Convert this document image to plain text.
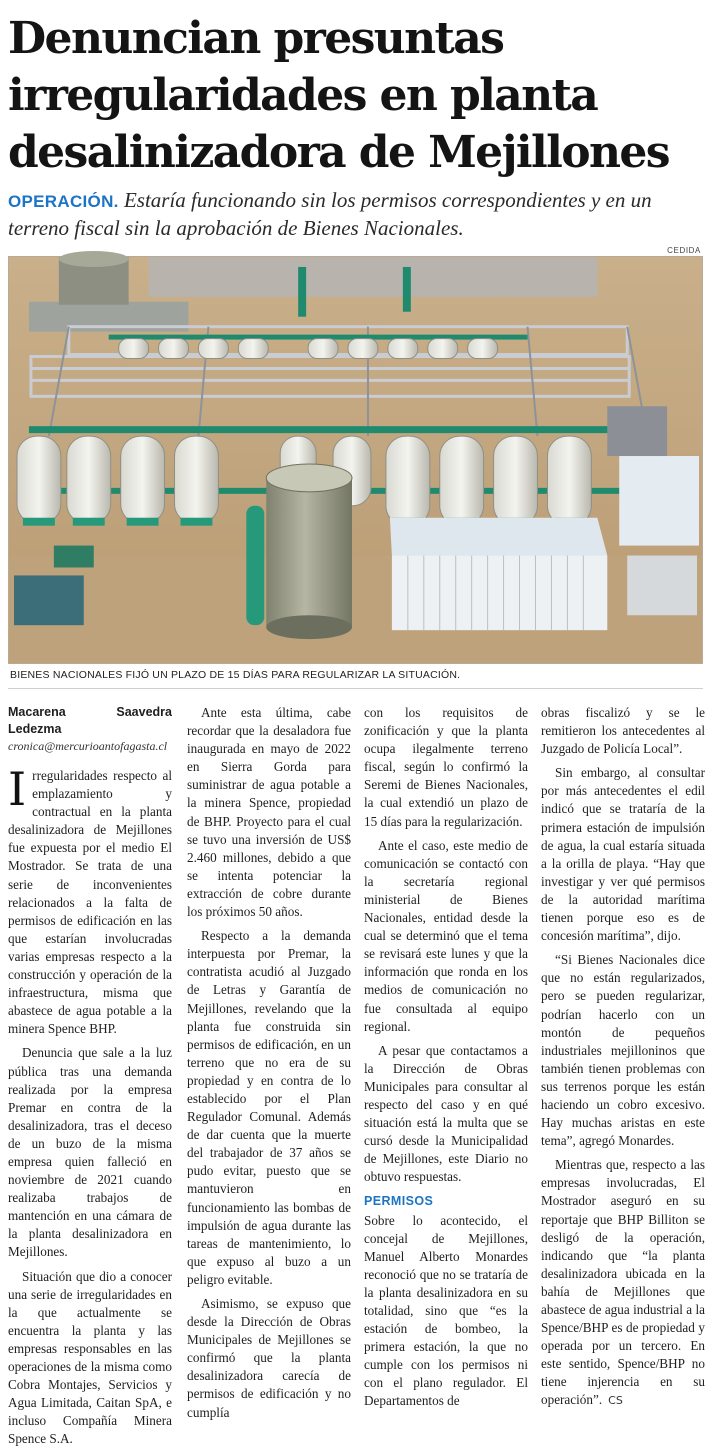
Denuncian presuntas irregularidades en planta desalinizadora de Mejillones
OPERACIÓN. Estaría funcionando sin los permisos correspondientes y en un terreno fiscal sin la aprobación de Bienes Nacionales.
CEDIDA
BIENES NACIONALES FIJÓ UN PLAZO DE 15 DÍAS PARA REGULARIZAR LA SITUACIÓN.
Macarena Saavedra Ledezma
cronica@mercurioantofagasta.cl

Irregularidades respecto al emplazamiento y contractual en la planta desalinizadora de Mejillones fue expuesta por el medio El Mostrador. Se trata de una serie de inconvenientes relacionados a la falta de permisos de edificación en las que estarían involucradas varias empresas respecto a la construcción y operación de la infraestructura, misma que abastece de agua potable a la minera Spence BHP.

Denuncia que sale a la luz pública tras una demanda realizada por la empresa Premar en contra de la desalinizadora, tras el deceso de un buzo de la misma empresa quien falleció en noviembre de 2021 cuando realizaba trabajos de mantención en una cámara de la planta desalinizadora en Mejillones.

Situación que dio a conocer una serie de irregularidades en la que actualmente se encuentra la planta y las empresas responsables en las operaciones de la misma como Cobra Montajes, Servicios y Agua Limitada, Caitan SpA, e incluso Compañía Minera Spence S.A.

Ante esta última, cabe recordar que la desaladora fue inaugurada en mayo de 2022 en Sierra Gorda para suministrar de agua potable a la minera Spence, propiedad de BHP. Proyecto para el cual se tuvo una inversión de US$ 2.460 millones, debido a que se intenta potenciar la extracción de cobre durante los próximos 50 años.

Respecto a la demanda interpuesta por Premar, la contratista acudió al Juzgado de Letras y Garantía de Mejillones, revelando que la planta fue construida sin permisos de edificación, en un terreno que no era de su propiedad y en contra de lo establecido por el Plan Regulador Comunal. Además de dar cuenta que la muerte del trabajador de 37 años se pudo evitar, puesto que se mantuvieron en funcionamiento las bombas de impulsión de agua durante las tareas de mantenimiento, lo que expuso al buzo a un peligro evitable.

Asimismo, se expuso que desde la Dirección de Obras Municipales de Mejillones se confirmó que la planta desalinizadora carecía de permisos de edificación y no cumplía

con los requisitos de zonificación y que la planta ocupa ilegalmente terreno fiscal, según lo confirmó la Seremi de Bienes Nacionales, la cual extendió un plazo de 15 días para la regularización.

Ante el caso, este medio de comunicación se contactó con la secretaría regional ministerial de Bienes Nacionales, entidad desde la cual se determinó que el tema se revisará este lunes y que la información que ronda en los medios de comunicación no fue consultada al equipo regional.

A pesar que contactamos a la Dirección de Obras Municipales para consultar al respecto del caso y en qué situación está la multa que se cursó desde la Municipalidad de Mejillones, este Diario no obtuvo respuestas.

PERMISOS

Sobre lo acontecido, el concejal de Mejillones, Manuel Alberto Monardes reconoció que no se trataría de la planta desalinizadora en su totalidad, sino que “es la estación de bombeo, la primera estación, la que no cumple con los permisos ni con el plano regulador. El Departamentos de

obras fiscalizó y se le remitieron los antecedentes al Juzgado de Policía Local”.

Sin embargo, al consultar por más antecedentes el edil indicó que se trataría de la primera estación de impulsión de agua, la cual estaría situada a la orilla de playa. “Hay que investigar y ver qué permisos de la autoridad marítima tienen porque eso es de concesión marítima”, dijo.

“Si Bienes Nacionales dice que no están regularizados, pero se pueden regularizar, podrían hacerlo con un montón de pequeños industriales mejilloninos que también tienen problemas con sus terrenos porque les están haciendo un cobro excesivo. Hay muchas aristas en este tema”, agregó Monardes.

Mientras que, respecto a las empresas involucradas, El Mostrador aseguró en su reportaje que BHP Billiton se desligó de la operación, indicando que “la planta desalinizadora ubicada en la bahía de Mejillones que abastece de agua industrial a la Spence/BHP es de propiedad y operada por un tercero. En este sentido, Spence/BHP no tiene injerencia en su operación”. CS
